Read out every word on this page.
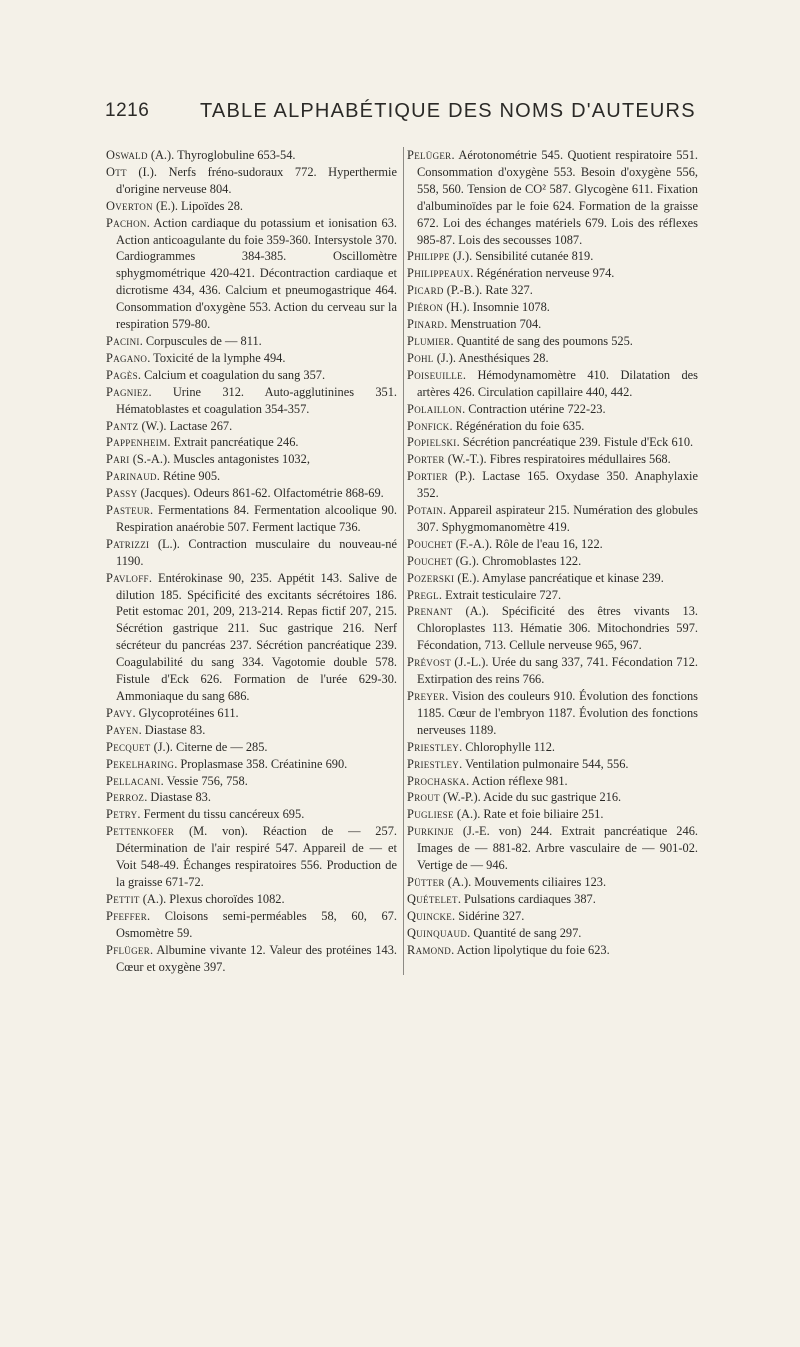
1216	TABLE ALPHABÉTIQUE DES NOMS D'AUTEURS

Oswald (A.). Thyroglobuline 653-54.

Ott (I.). Nerfs fréno-sudoraux 772. Hyperthermie d'origine nerveuse 804.

Overton (E.). Lipoïdes 28.

Pachon. Action cardiaque du potassium et ionisation 63. Action anticoagulante du foie 359-360. Intersystole 370. Cardiogrammes 384-385. Oscillomètre sphygmométrique 420-421. Décontraction cardiaque et dicrotisme 434, 436. Calcium et pneumogastrique 464. Consommation d'oxygène 553. Action du cerveau sur la respiration 579-80.

Pacini. Corpuscules de — 811.

Pagano. Toxicité de la lymphe 494.

Pagès. Calcium et coagulation du sang 357.

Pagniez. Urine 312. Auto-agglutinines 351. Hématoblastes et coagulation 354-357.

Pantz (W.). Lactase 267.

Pappenheim. Extrait pancréatique 246.

Pari (S.-A.). Muscles antagonistes 1032,

Parinaud. Rétine 905.

Passy (Jacques). Odeurs 861-62. Olfactométrie 868-69.

Pasteur. Fermentations 84. Fermentation alcoolique 90. Respiration anaérobie 507. Ferment lactique 736.

Patrizzi (L.). Contraction musculaire du nouveau-né 1190.

Pavloff. Entérokinase 90, 235. Appétit 143. Salive de dilution 185. Spécificité des excitants sécrétoires 186. Petit estomac 201, 209, 213-214. Repas fictif 207, 215. Sécrétion gastrique 211. Suc gastrique 216. Nerf sécréteur du pancréas 237. Sécrétion pancréatique 239. Coagulabilité du sang 334. Vagotomie double 578. Fistule d'Eck 626. Formation de l'urée 629-30. Ammoniaque du sang 686.

Pavy. Glycoprotéines 611.

Payen. Diastase 83.

Pecquet (J.). Citerne de — 285.

Pekelharing. Proplasmase 358. Créatinine 690.

Pellacani. Vessie 756, 758.

Perroz. Diastase 83.

Petry. Ferment du tissu cancéreux 695.

Pettenkofer (M. von). Réaction de — 257. Détermination de l'air respiré 547. Appareil de — et Voit 548-49. Échanges respiratoires 556. Production de la graisse 671-72.

Pettit (A.). Plexus choroïdes 1082.

Pfeffer. Cloisons semi-perméables 58, 60, 67. Osmomètre 59.

Pflüger. Albumine vivante 12. Valeur des protéines 143. Cœur et oxygène 397.

Pelüger. Aérotonométrie 545. Quotient respiratoire 551. Consommation d'oxygène 553. Besoin d'oxygène 556, 558, 560. Tension de CO² 587. Glycogène 611. Fixation d'albuminoïdes par le foie 624. Formation de la graisse 672. Loi des échanges matériels 679. Lois des réflexes 985-87. Lois des secousses 1087.

Philippe (J.). Sensibilité cutanée 819.

Philippeaux. Régénération nerveuse 974.

Picard (P.-B.). Rate 327.

Piéron (H.). Insomnie 1078.

Pinard. Menstruation 704.

Plumier. Quantité de sang des poumons 525.

Pohl (J.). Anesthésiques 28.

Poiseuille. Hémodynamomètre 410. Dilatation des artères 426. Circulation capillaire 440, 442.

Polaillon. Contraction utérine 722-23.

Ponfick. Régénération du foie 635.

Popielski. Sécrétion pancréatique 239. Fistule d'Eck 610.

Porter (W.-T.). Fibres respiratoires médullaires 568.

Portier (P.). Lactase 165. Oxydase 350. Anaphylaxie 352.

Potain. Appareil aspirateur 215. Numération des globules 307. Sphygmomanomètre 419.

Pouchet (F.-A.). Rôle de l'eau 16, 122.

Pouchet (G.). Chromoblastes 122.

Pozerski (E.). Amylase pancréatique et kinase 239.

Pregl. Extrait testiculaire 727.

Prenant (A.). Spécificité des êtres vivants 13. Chloroplastes 113. Hématie 306. Mitochondries 597. Fécondation, 713. Cellule nerveuse 965, 967.

Prévost (J.-L.). Urée du sang 337, 741. Fécondation 712. Extirpation des reins 766.

Preyer. Vision des couleurs 910. Évolution des fonctions 1185. Cœur de l'embryon 1187. Évolution des fonctions nerveuses 1189.

Priestley. Chlorophylle 112.

Priestley. Ventilation pulmonaire 544, 556.

Prochaska. Action réflexe 981.

Prout (W.-P.). Acide du suc gastrique 216.

Pugliese (A.). Rate et foie biliaire 251.

Purkinje (J.-E. von) 244. Extrait pancréatique 246. Images de — 881-82. Arbre vasculaire de — 901-02. Vertige de — 946.

Pütter (A.). Mouvements ciliaires 123.

Quételet. Pulsations cardiaques 387.

Quincke. Sidérine 327.

Quinquaud. Quantité de sang 297.

Ramond. Action lipolytique du foie 623.
